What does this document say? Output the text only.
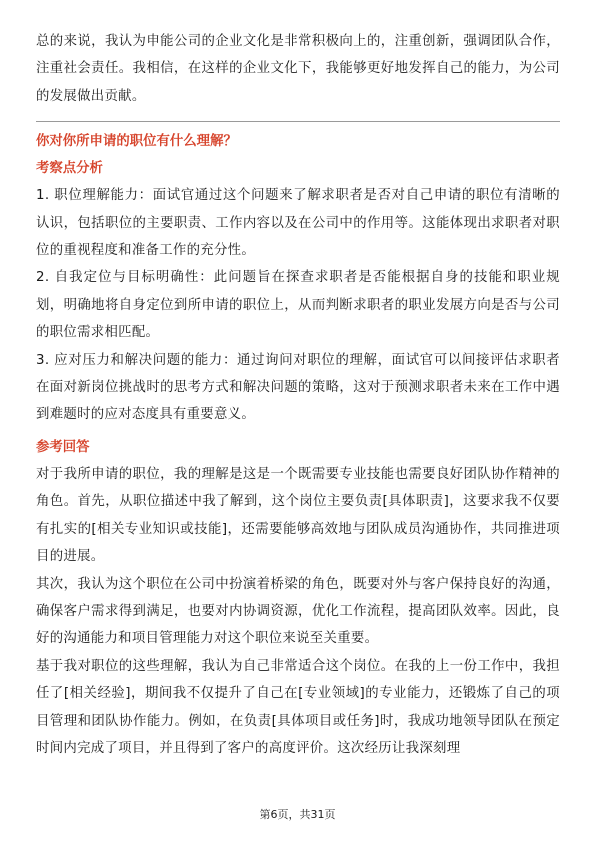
总的来说，我认为申能公司的企业文化是非常积极向上的，注重创新，强调团队合作，注重社会责任。我相信，在这样的企业文化下，我能够更好地发挥自己的能力，为公司的发展做出贡献。

你对你所申请的职位有什么理解？

考察点分析

1. 职位理解能力：面试官通过这个问题来了解求职者是否对自己申请的职位有清晰的认识，包括职位的主要职责、工作内容以及在公司中的作用等。这能体现出求职者对职位的重视程度和准备工作的充分性。

2. 自我定位与目标明确性：此问题旨在探查求职者是否能根据自身的技能和职业规划，明确地将自身定位到所申请的职位上，从而判断求职者的职业发展方向是否与公司的职位需求相匹配。

3. 应对压力和解决问题的能力：通过询问对职位的理解，面试官可以间接评估求职者在面对新岗位挑战时的思考方式和解决问题的策略，这对于预测求职者未来在工作中遇到难题时的应对态度具有重要意义。

参考回答

对于我所申请的职位，我的理解是这是一个既需要专业技能也需要良好团队协作精神的角色。首先，从职位描述中我了解到，这个岗位主要负责[具体职责]，这要求我不仅要有扎实的[相关专业知识或技能]，还需要能够高效地与团队成员沟通协作，共同推进项目的进展。

其次，我认为这个职位在公司中扮演着桥梁的角色，既要对外与客户保持良好的沟通，确保客户需求得到满足，也要对内协调资源，优化工作流程，提高团队效率。因此，良好的沟通能力和项目管理能力对这个职位来说至关重要。

基于我对职位的这些理解，我认为自己非常适合这个岗位。在我的上一份工作中，我担任了[相关经验]，期间我不仅提升了自己在[专业领域]的专业能力，还锻炼了自己的项目管理和团队协作能力。例如，在负责[具体项目或任务]时，我成功地领导团队在预定时间内完成了项目，并且得到了客户的高度评价。这次经历让我深刻理

第6页，共31页
